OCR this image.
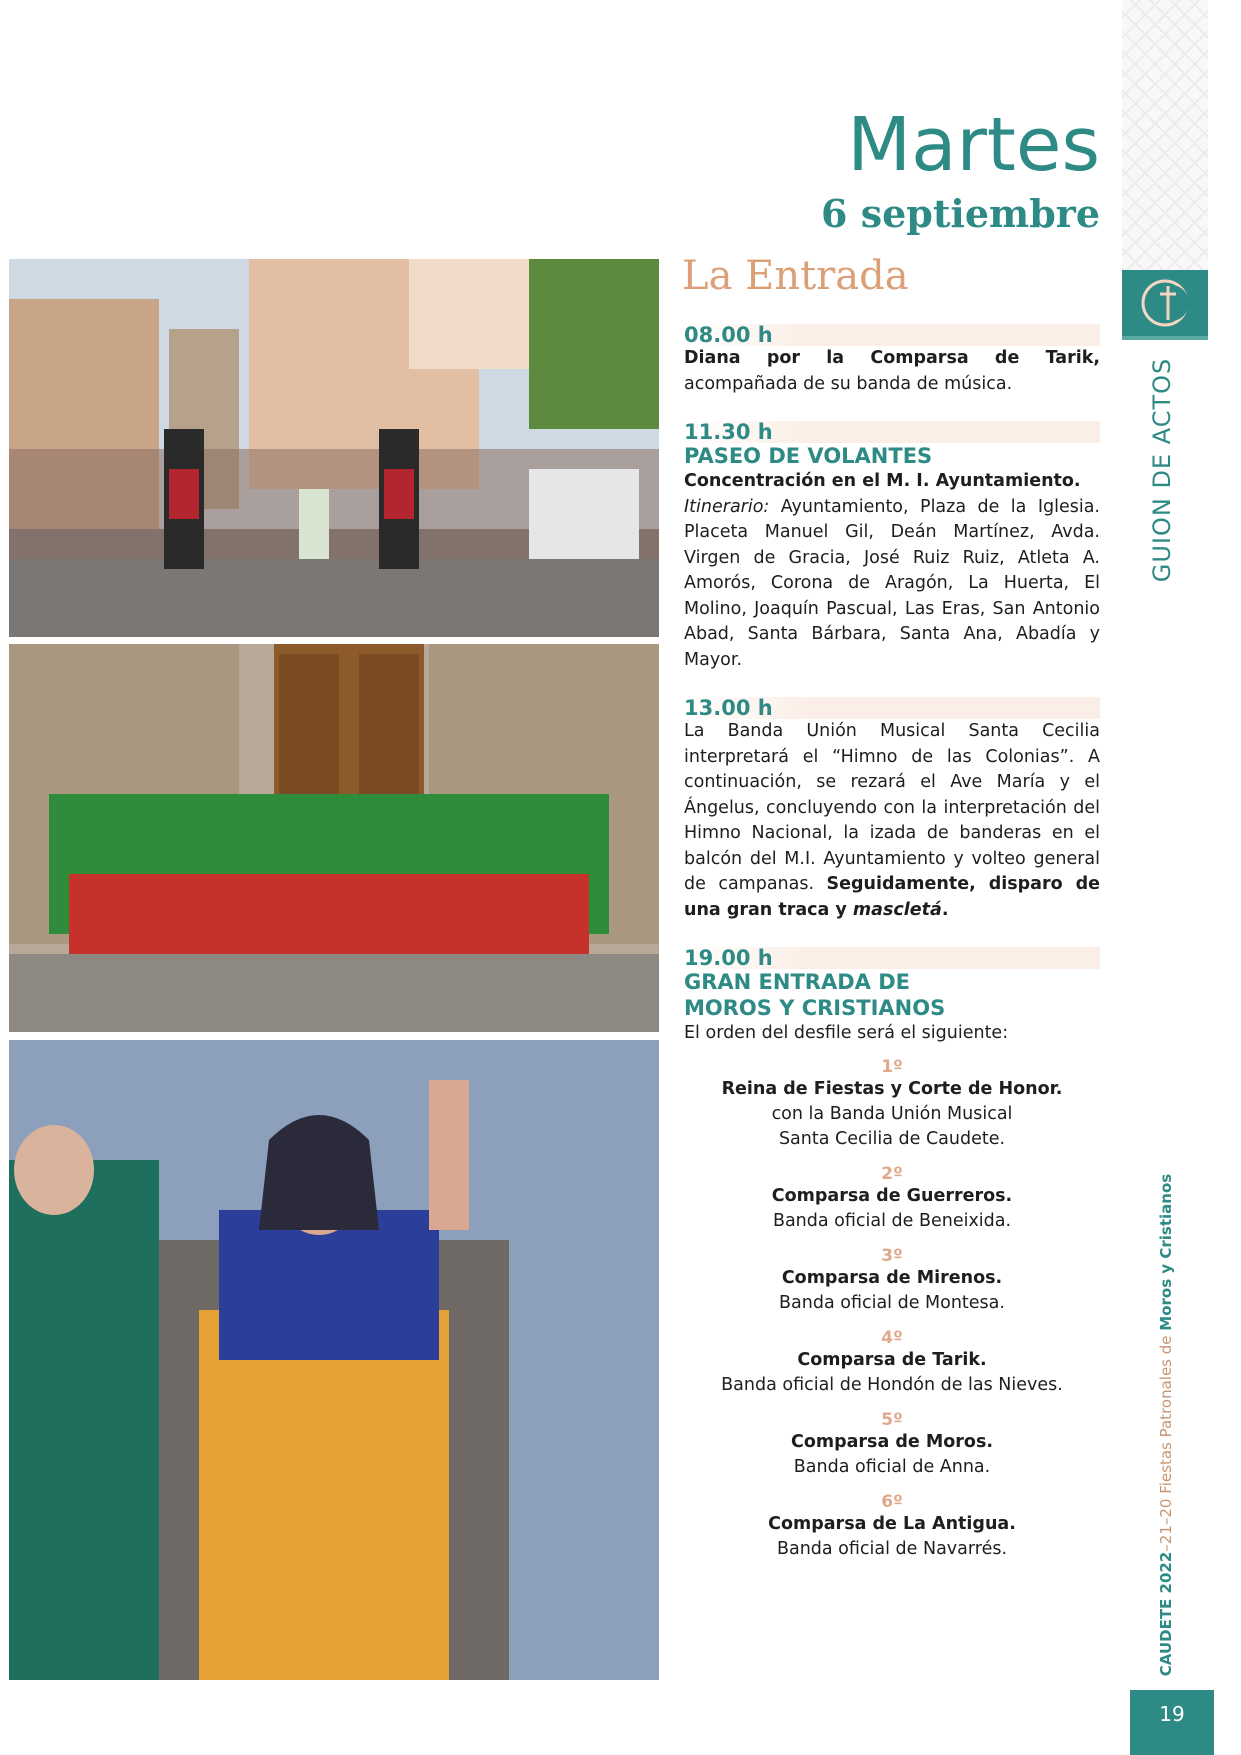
GUION DE ACTOS
CAUDETE 2022–21–20 Fiestas Patronales de Moros y Cristianos
19
Martes
6 septiembre
La Entrada
08.00 h
Diana por la Comparsa de Tarik, acompañada de su banda de música.
11.30 h
PASEO DE VOLANTES
Concentración en el M. I. Ayuntamiento.
Itinerario: Ayuntamiento, Plaza de la Iglesia. Placeta Manuel Gil, Deán Martínez, Avda. Virgen de Gracia, José Ruiz Ruiz, Atleta A. Amorós, Corona de Aragón, La Huerta, El Molino, Joaquín Pascual, Las Eras, San Antonio Abad, Santa Bárbara, Santa Ana, Abadía y Mayor.
13.00 h
La Banda Unión Musical Santa Cecilia interpretará el “Himno de las Colonias”. A continuación, se rezará el Ave María y el Ángelus, concluyendo con la interpretación del Himno Nacional, la izada de banderas en el balcón del M.I. Ayuntamiento y volteo general de campanas. Seguidamente, disparo de una gran traca y mascletá.
19.00 h
GRAN ENTRADA DE
MOROS Y CRISTIANOS
El orden del desfile será el siguiente:
1º
Reina de Fiestas y Corte de Honor.
con la Banda Unión Musical
Santa Cecilia de Caudete.
2º
Comparsa de Guerreros.
Banda oficial de Beneixida.
3º
Comparsa de Mirenos.
Banda oficial de Montesa.
4º
Comparsa de Tarik.
Banda oficial de Hondón de las Nieves.
5º
Comparsa de Moros.
Banda oficial de Anna.
6º
Comparsa de La Antigua.
Banda oficial de Navarrés.
